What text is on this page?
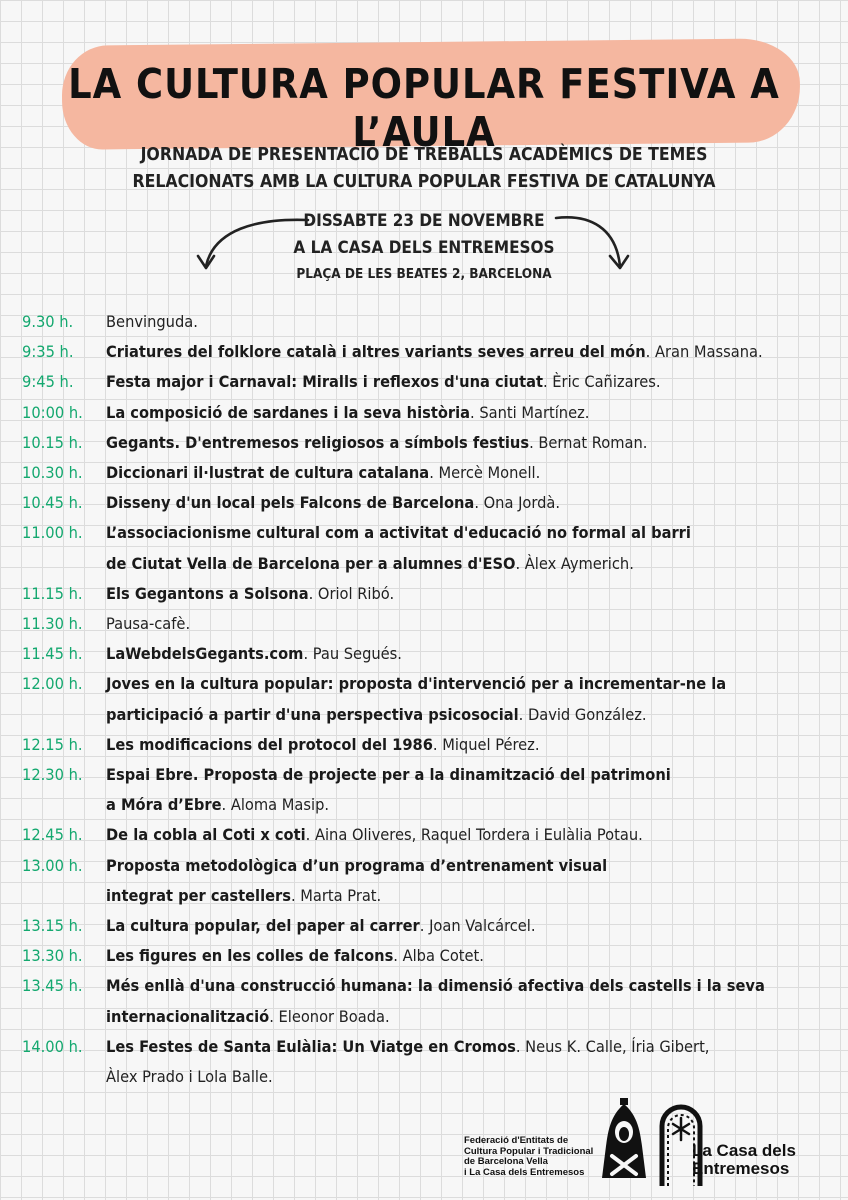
LA CULTURA POPULAR FESTIVA A L’AULA
JORNADA DE PRESENTACIÓ DE TREBALLS ACADÈMICS DE TEMES
RELACIONATS AMB LA CULTURA POPULAR FESTIVA DE CATALUNYA
DISSABTE 23 DE NOVEMBRE
A LA CASA DELS ENTREMESOS
PLAÇA DE LES BEATES 2, BARCELONA
9.30 h.	Benvinguda.
9:35 h.	Criatures del folklore català i altres variants seves arreu del món. Aran Massana.
9:45 h.	Festa major i Carnaval: Miralls i reflexos d'una ciutat. Èric Cañizares.
10:00 h.	La composició de sardanes i la seva història. Santi Martínez.
10.15 h.	Gegants. D'entremesos religiosos a símbols festius. Bernat Roman.
10.30 h.	Diccionari il·lustrat de cultura catalana. Mercè Monell.
10.45 h.	Disseny d'un local pels Falcons de Barcelona. Ona Jordà.
11.00 h.	L’associacionisme cultural com a activitat d'educació no formal al barri
de Ciutat Vella de Barcelona per a alumnes d'ESO. Àlex Aymerich.
11.15 h.	Els Gegantons a Solsona. Oriol Ribó.
11.30 h.	Pausa-cafè.
11.45 h.	LaWebdelsGegants.com. Pau Segués.
12.00 h.	Joves en la cultura popular: proposta d'intervenció per a incrementar-ne la
participació a partir d'una perspectiva psicosocial. David González.
12.15 h.	Les modificacions del protocol del 1986. Miquel Pérez.
12.30 h.	Espai Ebre. Proposta de projecte per a la dinamització del patrimoni
a Móra d’Ebre. Aloma Masip.
12.45 h.	De la cobla al Coti x coti. Aina Oliveres, Raquel Tordera i Eulàlia Potau.
13.00 h.	Proposta metodològica d’un programa d’entrenament visual
integrat per castellers. Marta Prat.
13.15 h.	La cultura popular, del paper al carrer. Joan Valcárcel.
13.30 h.	Les figures en les colles de falcons. Alba Cotet.
13.45 h.	Més enllà d'una construcció humana: la dimensió afectiva dels castells i la seva
internacionalització. Eleonor Boada.
14.00 h.	Les Festes de Santa Eulàlia: Un Viatge en Cromos. Neus K. Calle, Íria Gibert,
Àlex Prado i Lola Balle.
Federació d'Entitats de
Cultura Popular i Tradicional
de Barcelona Vella
i La Casa dels Entremesos
La Casa dels
Entremesos
